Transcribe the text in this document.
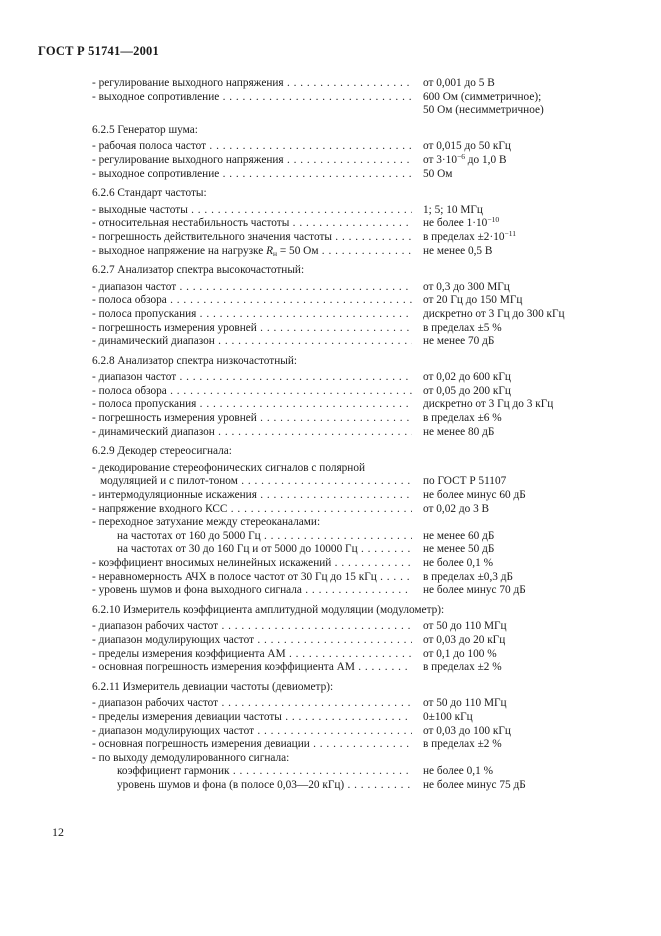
ГОСТ Р 51741—2001
- регулирование выходного напряжения . . .	от 0,001 до 5 В
- выходное сопротивление . . .	600 Ом (симметричное);
50 Ом (несимметричное)
6.2.5 Генератор шума:
- рабочая полоса частот . . .	от 0,015 до 50 кГц
- регулирование выходного напряжения . . .	от $3\cdot 10^{-6}$ до 1,0 В
- выходное сопротивление . . .	50 Ом
6.2.6 Стандарт частоты:
- выходные частоты . . .	1; 5; 10 МГц
- относительная нестабильность частоты . . .	не более $1\cdot 10^{-10}$
- погрешность действительного значения частоты . . .	в пределах $\pm 2\cdot 10^{-11}$
- выходное напряжение на нагрузке $R_н = 50$ Ом . . .	не менее 0,5 В
6.2.7 Анализатор спектра высокочастотный:
- диапазон частот . . .	от 0,3 до 300 МГц
- полоса обзора . . .	от 20 Гц до 150 МГц
- полоса пропускания . . .	дискретно от 3 Гц до 300 кГц
- погрешность измерения уровней . . .	в пределах ±5 %
- динамический диапазон . . .	не менее 70 дБ
6.2.8 Анализатор спектра низкочастотный:
- диапазон частот . . .	от 0,02 до 600 кГц
- полоса обзора . . .	от 0,05 до 200 кГц
- полоса пропускания . . .	дискретно от 3 Гц до 3 кГц
- погрешность измерения уровней . . .	в пределах ±6 %
- динамический диапазон . . .	не менее 80 дБ
6.2.9 Декодер стереосигнала:
- декодирование стереофонических сигналов с полярной
модуляцией и с пилот-тоном . . .	по ГОСТ Р 51107
- интермодуляционные искажения . . .	не более минус 60 дБ
- напряжение входного КСС . . .	от 0,02 до 3 В
- переходное затухание между стереоканалами:
на частотах от 160 до 5000 Гц . . .	не менее 60 дБ
на частотах от 30 до 160 Гц и от 5000 до 10000 Гц . . .	не менее 50 дБ
- коэффициент вносимых нелинейных искажений . . .	не более 0,1 %
- неравномерность АЧХ в полосе частот от 30 Гц до 15 кГц . . .	в пределах ±0,3 дБ
- уровень шумов и фона выходного сигнала . . .	не более минус 70 дБ
6.2.10 Измеритель коэффициента амплитудной модуляции (модулометр):
- диапазон рабочих частот . . .	от 50 до 110 МГц
- диапазон модулирующих частот . . .	от 0,03 до 20 кГц
- пределы измерения коэффициента АМ . . .	от 0,1 до 100 %
- основная погрешность измерения коэффициента АМ . . .	в пределах ±2 %
6.2.11 Измеритель девиации частоты (девиометр):
- диапазон рабочих частот . . .	от 50 до 110 МГц
- пределы измерения девиации частоты . . .	0±100 кГц
- диапазон модулирующих частот . . .	от 0,03 до 100 кГц
- основная погрешность измерения девиации . . .	в пределах ±2 %
- по выходу демодулированного сигнала:
коэффициент гармоник . . .	не более 0,1 %
уровень шумов и фона (в полосе 0,03—20 кГц) . . .	не более минус 75 дБ
12
